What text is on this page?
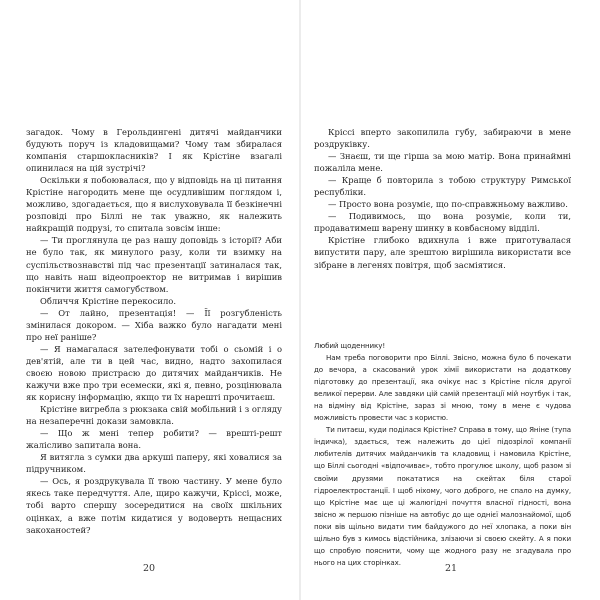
загадок. Чому в Герольдингені дитячі майданчики будують поруч із кладовищами? Чому там збиралася компанія старшокласників? І як Крістіне взагалі опинилася на цій зустрічі?

Оскільки я побоювалася, що у відповідь на ці питання Крістіне нагородить мене ще осудливішим поглядом і, можливо, здогадається, що я вислуховувала її безкінечні розповіді про Біллі не так уважно, як належить найкращій подрузі, то спитала зовсім інше:

— Ти проглянула це раз нашу доповідь з історії? Аби не було так, як минулого разу, коли ти взимку на суспільствознавстві під час презентації затиналася так, що навіть наш відеопроектор не витримав і вирішив покінчити життя самогубством.

Обличчя Крістіне перекосило.

— От лайно, презентація! — Її розгубленість змінилася докором. — Хіба важко було нагадати мені про неї раніше?

— Я намагалася зателефонувати тобі о сьомій і о дев'ятій, але ти в цей час, видно, надто захопилася своєю новою пристрасю до дитячих майданчиків. Не кажучи вже про три есемески, які я, певно, розцінювала як корисну інформацію, якщо ти їх нарешті прочитаєш.

Крістіне вигребла з рюкзака свій мобільний і з огляду на незаперечні докази замовкла.

— Що ж мені тепер робити? — врешті-решт жалісливо запитала вона.

Я витягла з сумки два аркуші паперу, які ховалися за підручником.

— Ось, я роздрукувала її твою частину. У мене було якесь таке передчуття. Але, щиро кажучи, Кріссі, може, тобі варто спершу зосередитися на своїх шкільних оцінках, а вже потім кидатися у водоверть нещасних закоханостей?

20

Кріссі вперто закопилила губу, забираючи в мене роздруківку.

— Знаєш, ти ще гірша за мою матір. Вона принаймні пожаліла мене.

— Краще б повторила з тобою структуру Римської республіки.

— Просто вона розуміє, що по-справжньому важливо.

— Подивимось, що вона розуміє, коли ти, продаватимеш варену шинку в ковбасному відділі.

Крістіне глибоко вдихнула і вже приготувалася випустити пару, але зрештою вирішила використати все зібране в легенях повітря, щоб засміятися.

Любий щоденнику!

Нам треба поговорити про Біллі. Звісно, можна було б почекати до вечора, а скасований урок хімії використати на додаткову підготовку до презентації, яка очікує нас з Крістіне після другої великої перерви. Але завдяки цій самій презентації мій ноутбук і так, на відміну від Крістіне, зараз зі мною, тому в мене є чудова можливість провести час з користю.

Ти питаєш, куди поділася Крістіне? Справа в тому, що Яніне (тупа індичка), здається, теж належить до цієї підозрілої компанії любителів дитячих майданчиків та кладовищ і намовила Крістіне, що Біллі сьогодні «відпочиває», тобто прогулює школу, щоб разом зі своїми друзями покататися на скейтах біля старої гідроелектростанції. І щоб ніхому, чого доброго, не спало на думку, що Крістіне має ще ці жалюгідні почуття власної гідності, вона звісно ж першою пізніше на автобус до ще однієї малознайомої, щоб поки вів щільно видати тим байдужого до неї хлопака, а поки він щільно був з кимось відстійника, злізаючи зі своєю скейту. А я поки що спробую пояснити, чому ще жодного разу не згадувала про нього на цих сторінках.

21
